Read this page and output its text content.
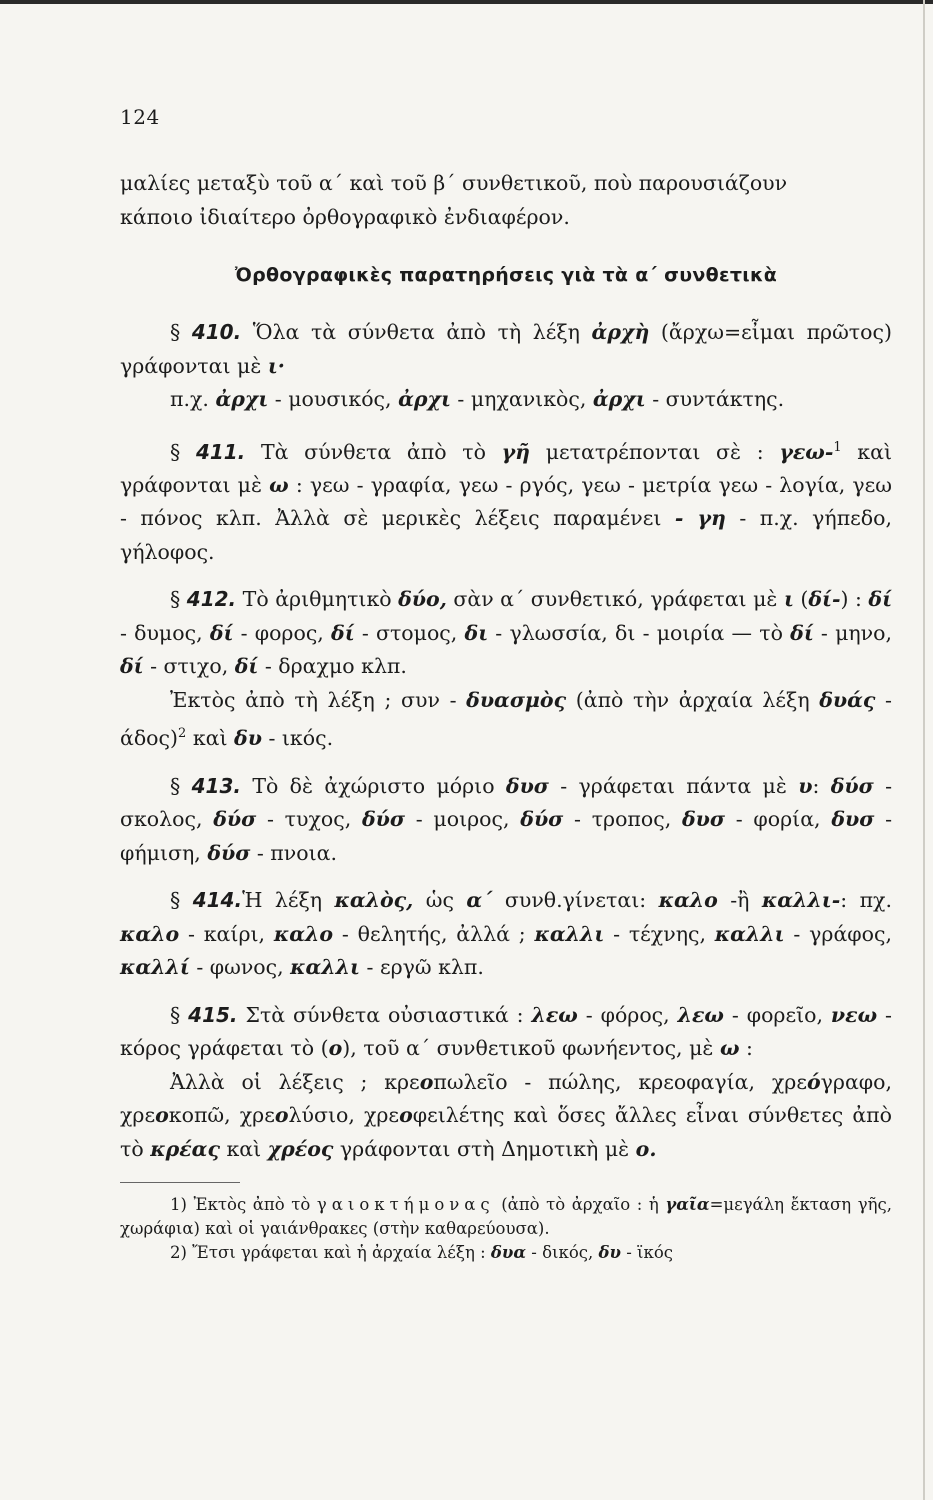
124

μαλίες μεταξὺ τοῦ α΄ καὶ τοῦ β΄ συνθετικοῦ, ποὺ παρουσιάζουν
κάποιο ἰδιαίτερο ὀρθογραφικὸ ἐνδιαφέρον.

Ὀρθογραφικὲς παρατηρήσεις γιὰ τὰ α΄ συνθετικὰ

§ 410. Ὅλα τὰ σύνθετα ἀπὸ τὴ λέξη ἀρχὴ (ἄρχω=εἶμαι πρῶτος) γράφονται μὲ ι·

π.χ. ἀρχι - μουσικός, ἀρχι - μηχανικὸς, ἀρχι - συντάκτης.

§ 411. Τὰ σύνθετα ἀπὸ τὸ γῆ μετατρέπονται σὲ : γεω-$^1$ καὶ γράφονται μὲ ω : γεω - γραφία, γεω - ργός, γεω - μετρία γεω - λογία, γεω - πόνος κλπ. Ἀλλὰ σὲ μερικὲς λέξεις παραμένει - γη - π.χ. γήπεδο, γήλοφος.

§ 412. Τὸ ἀριθμητικὸ δύο, σὰν α΄ συνθετικό, γράφεται μὲ ι (δί-) : δί - δυμος, δί - φορος, δί - στομος, δι - γλωσσία, δι - μοιρία — τὸ δί - μηνο, δί - στιχο, δί - δραχμο κλπ.

Ἐκτὸς ἀπὸ τὴ λέξη ; συν - δυασμὸς (ἀπὸ τὴν ἀρχαία λέξη δυάς - άδος)$^2$ καὶ δυ - ικός.

§ 413. Τὸ δὲ ἀχώριστο μόριο δυσ - γράφεται πάντα μὲ υ: δύσ - σκολος, δύσ - τυχος, δύσ - μοιρος, δύσ - τροπος, δυσ - φορία, δυσ - φήμιση, δύσ - πνοια.

§ 414.Ἡ λέξη καλὸς, ὡς α΄ συνθ.γίνεται: καλο -ἢ καλλι-: πχ. καλο - καίρι, καλο - θελητής, ἀλλά ; καλλι - τέχνης, καλλι - γράφος, καλλί - φωνος, καλλι - εργῶ κλπ.

§ 415. Στὰ σύνθετα οὐσιαστικά : λεω - φόρος, λεω - φορεῖο, νεω - κόρος γράφεται τὸ (ο), τοῦ α΄ συνθετικοῦ φωνήεντος, μὲ ω :

Ἀλλὰ οἱ λέξεις ; κρεοπωλεῖο - πώλης, κρεοφαγία, χρεόγραφο, χρεοκοπῶ, χρεολύσιο, χρεοφειλέτης καὶ ὅσες ἄλλες εἶναι σύνθετες ἀπὸ τὸ κρέας καὶ χρέος γράφονται στὴ Δημοτικὴ μὲ ο.

1) Ἐκτὸς ἀπὸ τὸ γαιοκτήμονας (ἀπὸ τὸ ἀρχαῖο : ἡ γαῖα=μεγάλη ἔκταση γῆς, χωράφια) καὶ οἱ γαιάνθρακες (στὴν καθαρεύουσα).

2) Ἔτσι γράφεται καὶ ἡ ἀρχαία λέξη : δυα - δικός, δυ - ϊκός
